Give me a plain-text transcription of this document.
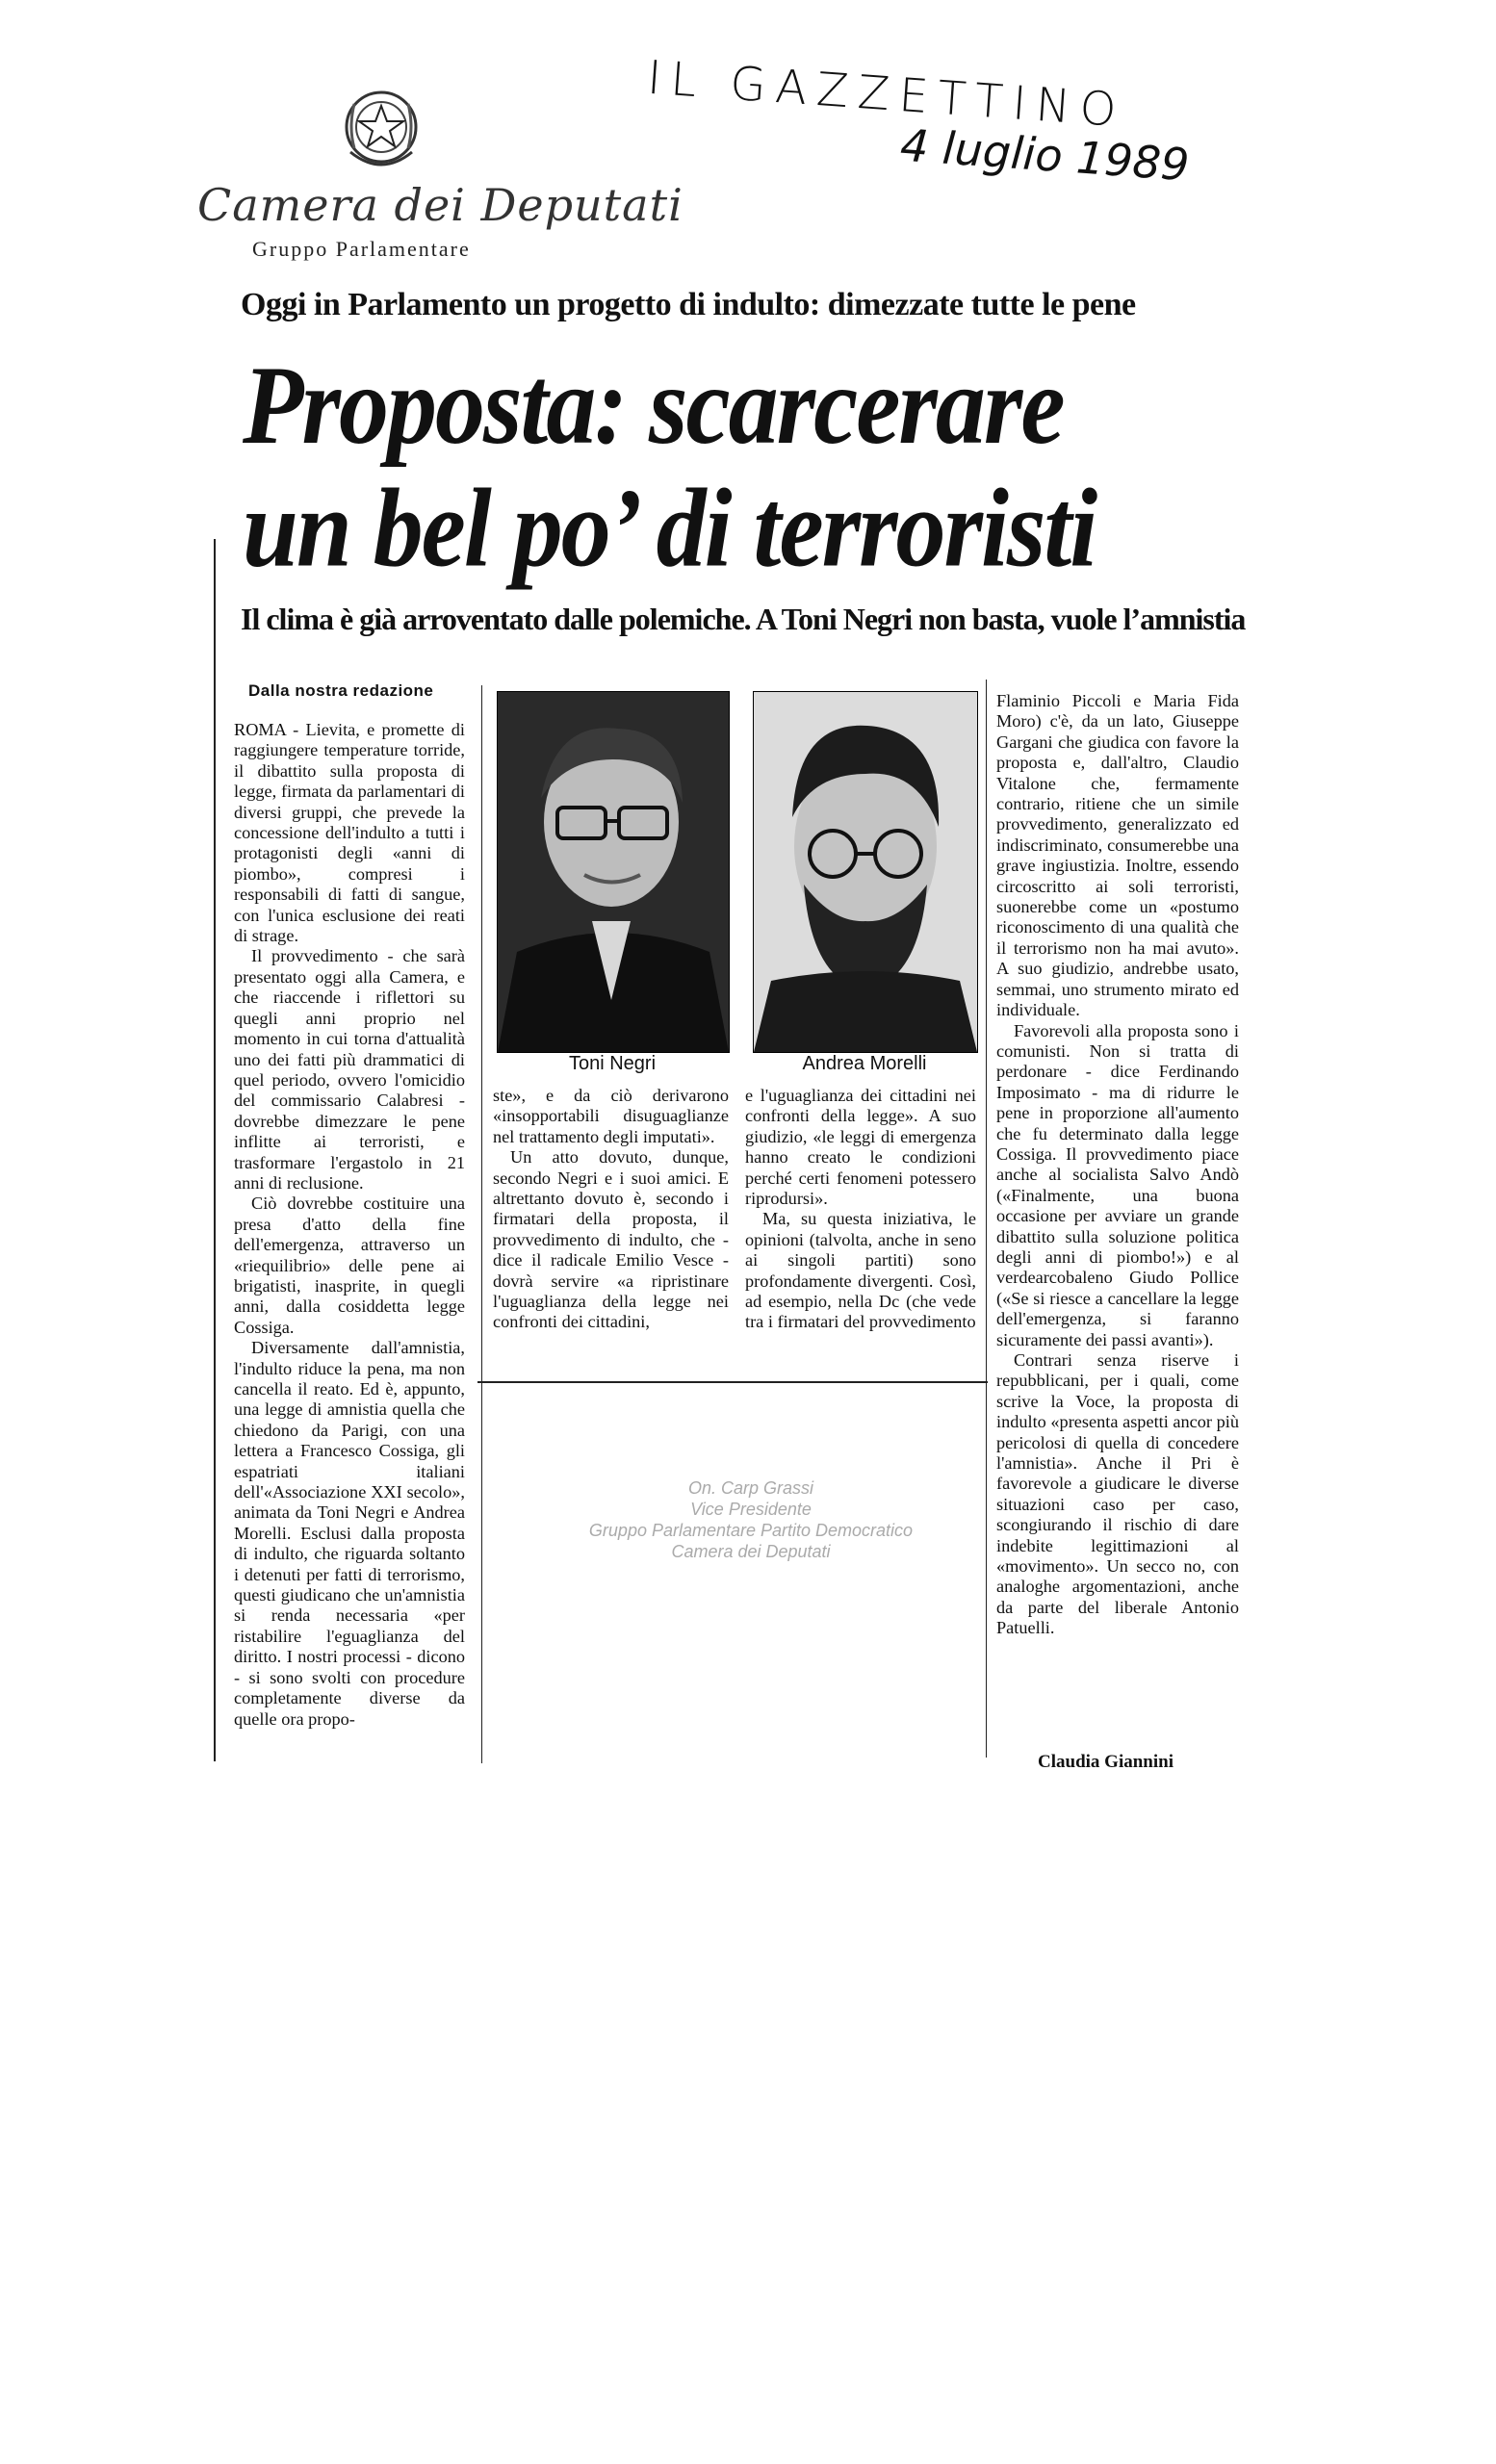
Camera dei Deputati
Gruppo Parlamentare
IL GAZZETTINO
4 luglio 1989
Oggi in Parlamento un progetto di indulto: dimezzate tutte le pene
Proposta: scarcerare
un bel po’ di terroristi
Il clima è già arroventato dalle polemiche. A Toni Negri non basta, vuole l’amnistia
Dalla nostra redazione

ROMA - Lievita, e promette di raggiungere temperature torride, il dibattito sulla proposta di legge, firmata da parlamentari di diversi gruppi, che prevede la concessione dell'indulto a tutti i protagonisti degli «anni di piombo», compresi i responsabili di fatti di sangue, con l'unica esclusione dei reati di strage.

Il provvedimento - che sarà presentato oggi alla Camera, e che riaccende i riflettori su quegli anni proprio nel momento in cui torna d'attualità uno dei fatti più drammatici di quel periodo, ovvero l'omicidio del commissario Calabresi - dovrebbe dimezzare le pene inflitte ai terroristi, e trasformare l'ergastolo in 21 anni di reclusione.

Ciò dovrebbe costituire una presa d'atto della fine dell'emergenza, attraverso un «riequilibrio» delle pene ai brigatisti, inasprite, in quegli anni, dalla cosiddetta legge Cossiga.

Diversamente dall'amnistia, l'indulto riduce la pena, ma non cancella il reato. Ed è, appunto, una legge di amnistia quella che chiedono da Parigi, con una lettera a Francesco Cossiga, gli espatriati italiani dell'«Associazione XXI secolo», animata da Toni Negri e Andrea Morelli. Esclusi dalla proposta di indulto, che riguarda soltanto i detenuti per fatti di terrorismo, questi giudicano che un'amnistia si renda necessaria «per ristabilire l'eguaglianza del diritto. I nostri processi - dicono - si sono svolti con procedure completamente diverse da quelle ora propo-

Toni Negri	Andrea Morelli

ste», e da ciò derivarono «insopportabili disuguaglianze nel trattamento degli imputati».

Un atto dovuto, dunque, secondo Negri e i suoi amici. E altrettanto dovuto è, secondo i firmatari della proposta, il provvedimento di indulto, che - dice il radicale Emilio Vesce - dovrà servire «a ripristinare l'uguaglianza della legge nei confronti dei cittadini,

e l'uguaglianza dei cittadini nei confronti della legge». A suo giudizio, «le leggi di emergenza hanno creato le condizioni perché certi fenomeni potessero riprodursi».

Ma, su questa iniziativa, le opinioni (talvolta, anche in seno ai singoli partiti) sono profondamente divergenti. Così, ad esempio, nella Dc (che vede tra i firmatari del provvedimento

Flaminio Piccoli e Maria Fida Moro) c'è, da un lato, Giuseppe Gargani che giudica con favore la proposta e, dall'altro, Claudio Vitalone che, fermamente contrario, ritiene che un simile provvedimento, generalizzato ed indiscriminato, consumerebbe una grave ingiustizia. Inoltre, essendo circoscritto ai soli terroristi, suonerebbe come un «postumo riconoscimento di una qualità che il terrorismo non ha mai avuto». A suo giudizio, andrebbe usato, semmai, uno strumento mirato ed individuale.

Favorevoli alla proposta sono i comunisti. Non si tratta di perdonare - dice Ferdinando Imposimato - ma di ridurre le pene in proporzione all'aumento che fu determinato dalla legge Cossiga. Il provvedimento piace anche al socialista Salvo Andò («Finalmente, una buona occasione per avviare un grande dibattito sulla soluzione politica degli anni di piombo!») e al verdearcobaleno Giudo Pollice («Se si riesce a cancellare la legge dell'emergenza, si faranno sicuramente dei passi avanti»).

Contrari senza riserve i repubblicani, per i quali, come scrive la Voce, la proposta di indulto «presenta aspetti ancor più pericolosi di quella di concedere l'amnistia». Anche il Pri è favorevole a giudicare le diverse situazioni caso per caso, scongiurando il rischio di dare indebite legittimazioni al «movimento». Un secco no, con analoghe argomentazioni, anche da parte del liberale Antonio Patuelli.

Claudia Giannini
On. Carp Grassi
Vice Presidente
Gruppo Parlamentare Partito Democratico
Camera dei Deputati
